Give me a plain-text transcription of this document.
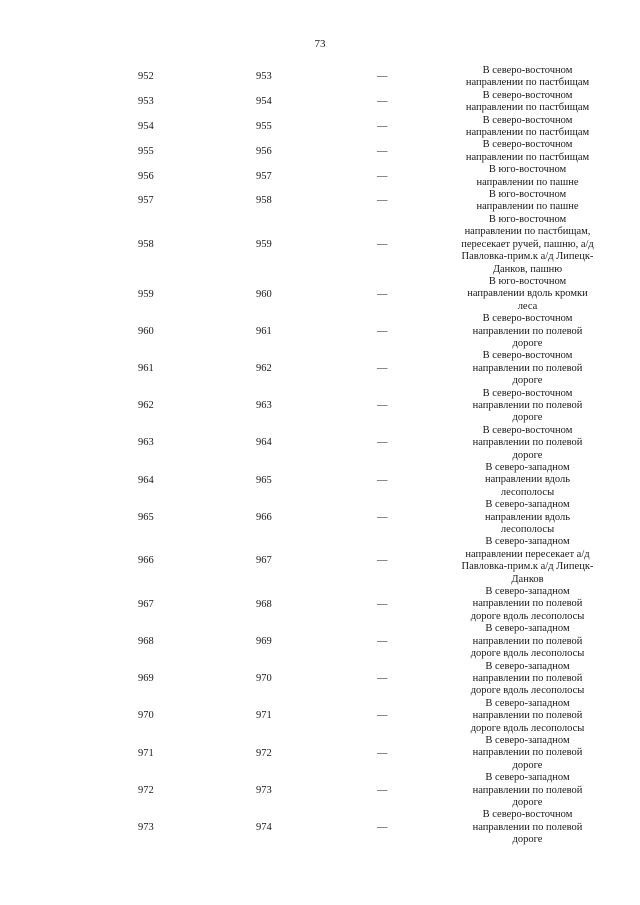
73
952	953	—
В северо-восточном
направлении по пастбищам
953	954	—
В северо-восточном
направлении по пастбищам
954	955	—
В северо-восточном
направлении по пастбищам
955	956	—
В северо-восточном
направлении по пастбищам
956	957	—
В юго-восточном
направлении по пашне
957	958	—
В юго-восточном
направлении по пашне
958	959	—
В юго-восточном
направлении по пастбищам,
пересекает ручей, пашню, а/д
Павловка-прим.к а/д Липецк-
Данков, пашню
959	960	—
В юго-восточном
направлении вдоль кромки
леса
960	961	—
В северо-восточном
направлении по полевой
дороге
961	962	—
В северо-восточном
направлении по полевой
дороге
962	963	—
В северо-восточном
направлении по полевой
дороге
963	964	—
В северо-восточном
направлении по полевой
дороге
964	965	—
В северо-западном
направлении вдоль
лесополосы
965	966	—
В северо-западном
направлении вдоль
лесополосы
966	967	—
В северо-западном
направлении пересекает а/д
Павловка-прим.к а/д Липецк-
Данков
967	968	—
В северо-западном
направлении по полевой
дороге вдоль лесополосы
968	969	—
В северо-западном
направлении по полевой
дороге вдоль лесополосы
969	970	—
В северо-западном
направлении по полевой
дороге вдоль лесополосы
970	971	—
В северо-западном
направлении по полевой
дороге вдоль лесополосы
971	972	—
В северо-западном
направлении по полевой
дороге
972	973	—
В северо-западном
направлении по полевой
дороге
973	974	—
В северо-восточном
направлении по полевой
дороге
